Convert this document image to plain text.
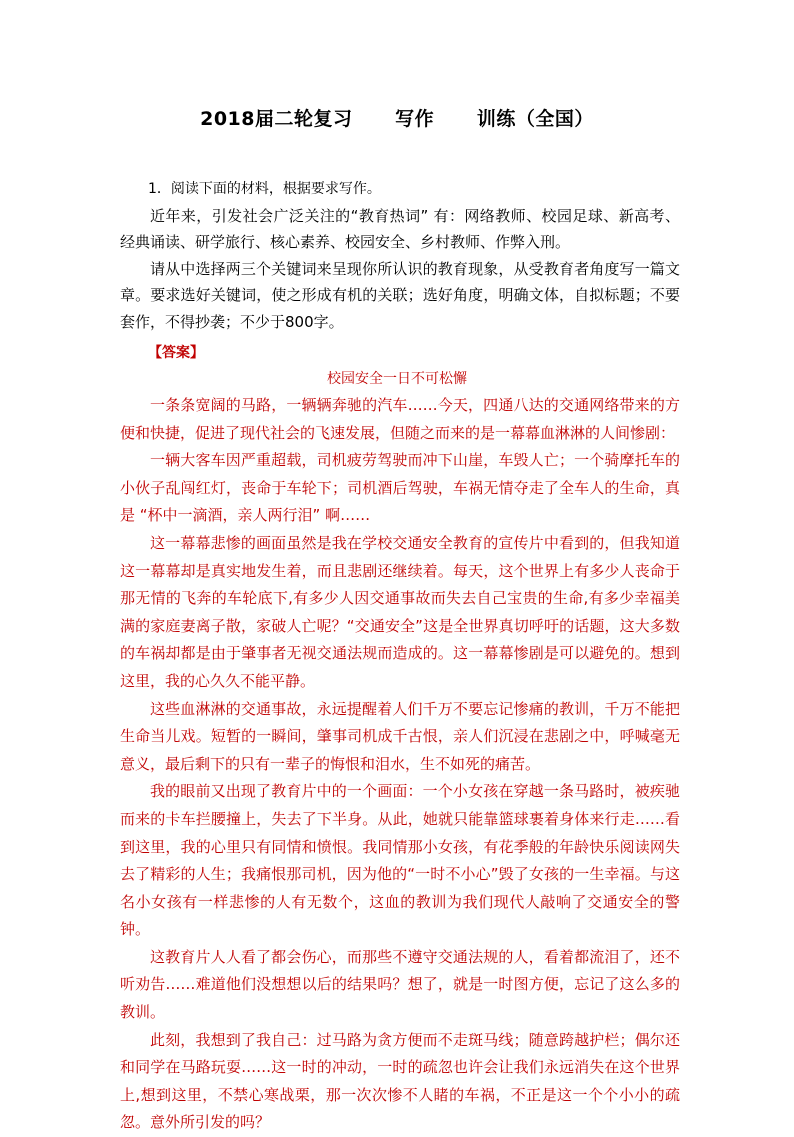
2018届二轮复习      写作      训练（全国）

1．阅读下面的材料，根据要求写作。

近年来，引发社会广泛关注的“教育热词” 有：网络教师、校园足球、新高考、经典诵读、研学旅行、核心素养、校园安全、乡村教师、作弊入刑。

请从中选择两三个关键词来呈现你所认识的教育现象，从受教育者角度写一篇文章。要求选好关键词，使之形成有机的关联；选好角度，明确文体，自拟标题；不要套作，不得抄袭；不少于800字。

【答案】
校园安全一日不可松懈

一条条宽阔的马路，一辆辆奔驰的汽车……今天，四通八达的交通网络带来的方便和快捷，促进了现代社会的飞速发展，但随之而来的是一幕幕血淋淋的人间惨剧：

一辆大客车因严重超载，司机疲劳驾驶而冲下山崖，车毁人亡；一个骑摩托车的小伙子乱闯红灯，丧命于车轮下；司机酒后驾驶，车祸无情夺走了全车人的生命，真是 “杯中一滴酒，亲人两行泪” 啊……

这一幕幕悲惨的画面虽然是我在学校交通安全教育的宣传片中看到的，但我知道这一幕幕却是真实地发生着，而且悲剧还继续着。每天，这个世界上有多少人丧命于那无情的飞奔的车轮底下,有多少人因交通事故而失去自己宝贵的生命,有多少幸福美满的家庭妻离子散，家破人亡呢？“交通安全”这是全世界真切呼吁的话题，这大多数的车祸却都是由于肇事者无视交通法规而造成的。这一幕幕惨剧是可以避免的。想到这里，我的心久久不能平静。

这些血淋淋的交通事故，永远提醒着人们千万不要忘记惨痛的教训，千万不能把生命当儿戏。短暂的一瞬间，肇事司机成千古恨，亲人们沉浸在悲剧之中，呼喊毫无意义，最后剩下的只有一辈子的悔恨和泪水，生不如死的痛苦。

我的眼前又出现了教育片中的一个画面：一个小女孩在穿越一条马路时，被疾驰而来的卡车拦腰撞上，失去了下半身。从此，她就只能靠篮球裹着身体来行走……看到这里，我的心里只有同情和愤恨。我同情那小女孩，有花季般的年龄快乐阅读网失去了精彩的人生；我痛恨那司机，因为他的“一时不小心”毁了女孩的一生幸福。与这名小女孩有一样悲惨的人有无数个，这血的教训为我们现代人敲响了交通安全的警钟。

这教育片人人看了都会伤心，而那些不遵守交通法规的人，看着都流泪了，还不听劝告……难道他们没想想以后的结果吗？想了，就是一时图方便，忘记了这么多的教训。

此刻，我想到了我自己：过马路为贪方便而不走斑马线；随意跨越护栏；偶尔还和同学在马路玩耍……这一时的冲动，一时的疏忽也许会让我们永远消失在这个世界上,想到这里，不禁心寒战栗，那一次次惨不人睹的车祸，不正是这一个个小小的疏忽。意外所引发的吗？
